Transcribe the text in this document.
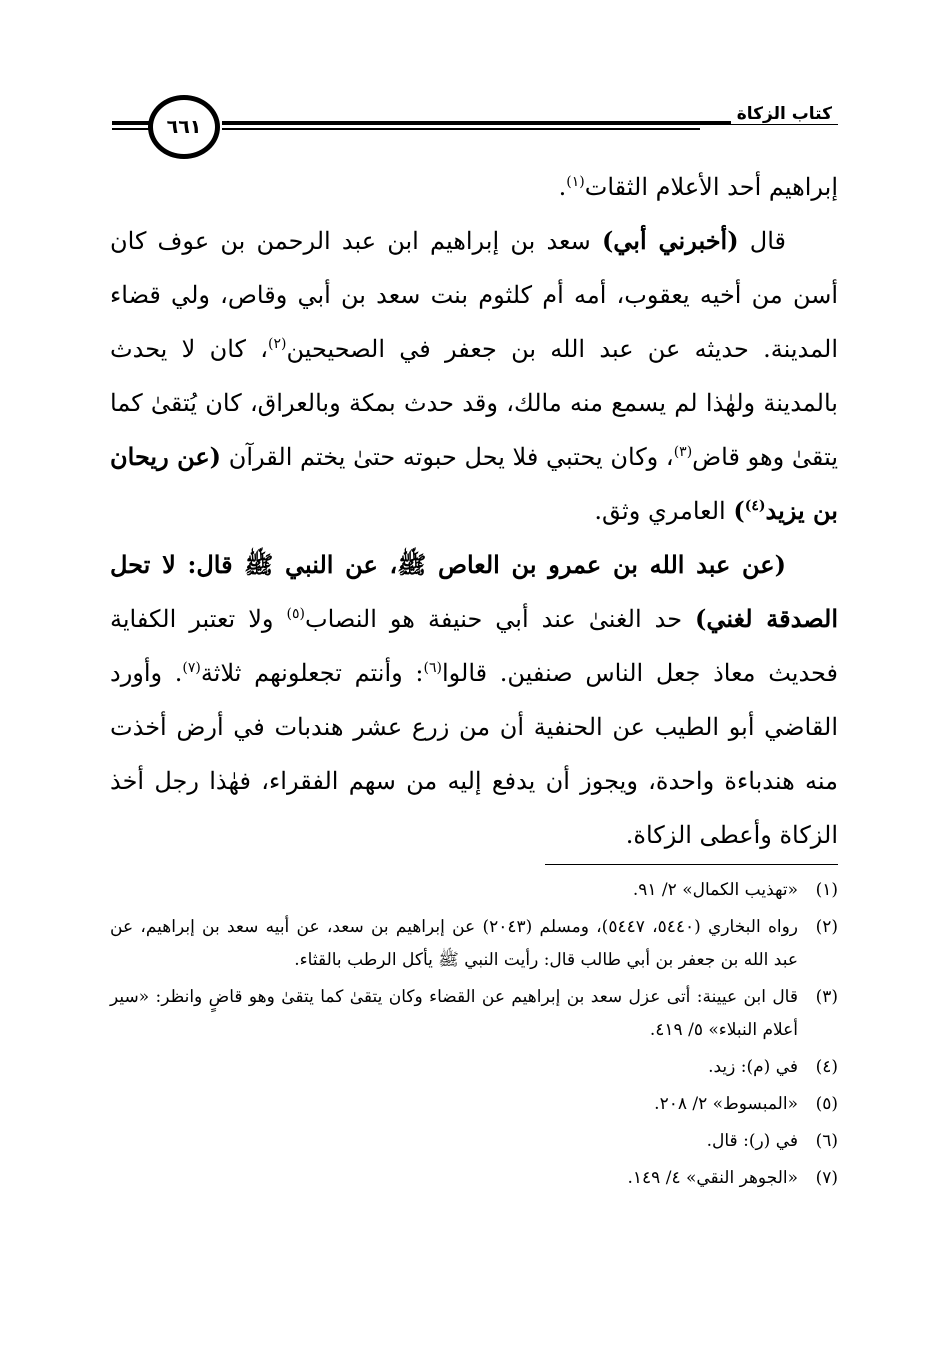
كتاب الزكاة
٦٦١

إبراهيم أحد الأعلام الثقات$^{(١)}$.

قال (أخبرني أبي) سعد بن إبراهيم ابن عبد الرحمن بن عوف كان أسن من أخيه يعقوب، أمه أم كلثوم بنت سعد بن أبي وقاص، ولي قضاء المدينة. حديثه عن عبد الله بن جعفر في الصحيحين$^{(٢)}$، كان لا يحدث بالمدينة ولهٰذا لم يسمع منه مالك، وقد حدث بمكة وبالعراق، كان يُتقىٰ كما يتقىٰ وهو قاض$^{(٣)}$، وكان يحتبي فلا يحل حبوته حتىٰ يختم القرآن (عن ريحان بن يزيد$^{(٤)}$) العامري وثق.

(عن عبد الله بن عمرو بن العاص ﷺ، عن النبي ﷺ قال: لا تحل الصدقة لغني) حد الغنىٰ عند أبي حنيفة هو النصاب$^{(٥)}$ ولا تعتبر الكفاية فحديث معاذ جعل الناس صنفين. قالوا$^{(٦)}$: وأنتم تجعلونهم ثلاثة$^{(٧)}$. وأورد القاضي أبو الطيب عن الحنفية أن من زرع عشر هندبات في أرض أخذت منه هندباءة واحدة، ويجوز أن يدفع إليه من سهم الفقراء، فهٰذا رجل أخذ الزكاة وأعطى الزكاة.

(١)
«تهذيب الكمال» ٢/ ٩١.
(٢)
رواه البخاري (٥٤٤٠، ٥٤٤٧)، ومسلم (٢٠٤٣) عن إبراهيم بن سعد، عن أبيه سعد بن إبراهيم، عن عبد الله بن جعفر بن أبي طالب قال: رأيت النبي ﷺ يأكل الرطب بالقثاء.
(٣)
قال ابن عيينة: أتى عزل سعد بن إبراهيم عن القضاء وكان يتقىٰ كما يتقىٰ وهو قاضٍ وانظر: «سير أعلام النبلاء» ٥/ ٤١٩.
(٤)
في (م): زيد.
(٥)
«المبسوط» ٢/ ٢٠٨.
(٦)
في (ر): قال.
(٧)
«الجوهر النقي» ٤/ ١٤٩.
